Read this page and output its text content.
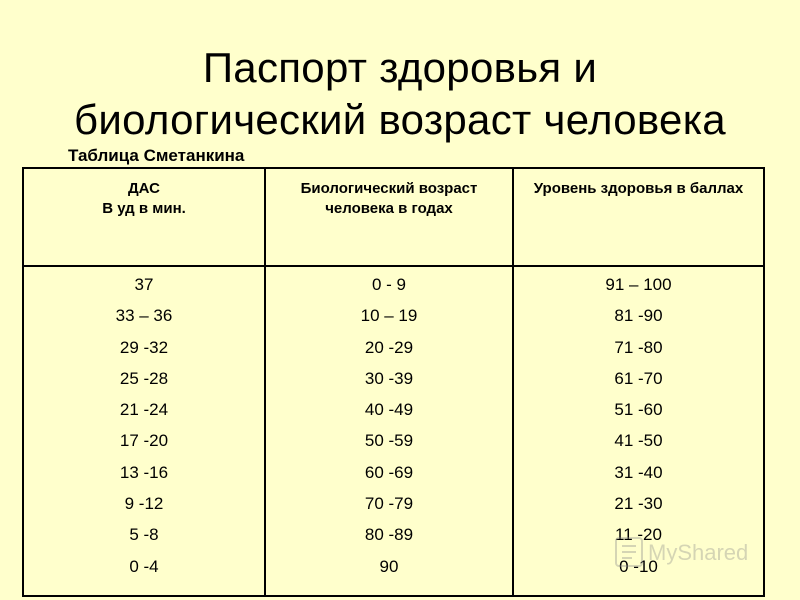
Паспорт здоровья и
биологический возраст человека
Таблица Сметанкина
ДАС
В уд в мин.
37
33 – 36
29 -32
25 -28
21 -24
17 -20
13 -16
9 -12
5 -8
0 -4
Биологический возраст человека в годах
0 - 9
10 – 19
20 -29
30 -39
40 -49
50 -59
60 -69
70 -79
80 -89
90
Уровень здоровья в баллах
91 – 100
81 -90
71 -80
61 -70
51 -60
41 -50
31 -40
21 -30
11 -20
0 -10
MyShared
